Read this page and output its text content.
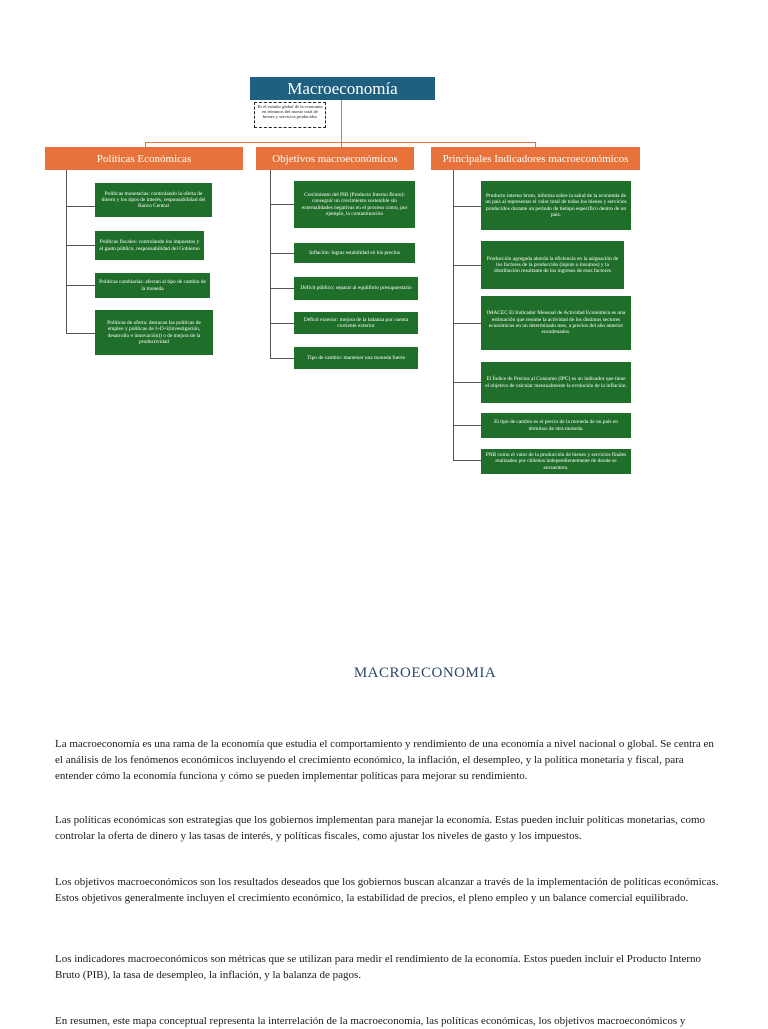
Macroeconomía
Es el estudio global de la economía en términos del monto total de bienes y servicios producidos
Políticas Económicas	Objetivos macroeconómicos	Principales Indicadores macroeconómicos
Políticas monetarias: controlando la oferta de dinero y los tipos de interés, responsabilidad del Banco Central
Políticas fiscales: controlando los impuestos y el gasto público, responsabilidad del Gobierno
Políticas cambiarias: afectan al tipo de cambio de la moneda
Políticas de oferta: destacan las políticas de empleo y políticas de I+D+i(investigación, desarrollo e innovación)) o de mejora de la productividad
Crecimiento del PIB (Producto Interno Bruto): conseguir un crecimiento sostenible sin externalidades negativas en el proceso como, por ejemplo, la contaminación
Inflación: lograr estabilidad en los precios
Déficit público: separar al equilibrio presupuestario
Déficit exterior: mejora de la balanza por cuenta corriente exterior
Tipo de cambio: mantener una moneda fuerte
Producto interno bruto, informa sobre la salud de la economía de un país al representar el valor total de todos los bienes y servicios producidos durante un periodo de tiempo específico dentro de un país.
Producción agregada aborda la eficiencia en la asignación de los factores de la producción (inputs o insumos) y la distribución resultante de los ingresos de esos factores
IMACEC El Indicador Mensual de Actividad Económica es una estimación que resume la actividad de los distintos sectores económicos en un determinado mes, a precios del año anterior encadenados.
El Índice de Precios al Consumo (IPC) es un indicador que tiene el objetivo de calcular mensualmente la evolución de la inflación.
El tipo de cambio es el precio de la moneda de un país en términos de otra moneda.
PNB como el valor de la producción de bienes y servicios finales realizados por chilenos independientemente de donde se encuentren.
MACROECONOMIA
La macroeconomía es una rama de la economía que estudia el comportamiento y rendimiento de una economía a nivel nacional o global. Se centra en el análisis de los fenómenos económicos incluyendo el crecimiento económico, la inflación, el desempleo, y la política monetaria y fiscal, para entender cómo la economía funciona y cómo se pueden implementar políticas para mejorar su rendimiento.
Las políticas económicas son estrategias que los gobiernos implementan para manejar la economía. Estas pueden incluir políticas monetarias, como controlar la oferta de dinero y las tasas de interés, y políticas fiscales, como ajustar los niveles de gasto y los impuestos.
Los objetivos macroeconómicos son los resultados deseados que los gobiernos buscan alcanzar a través de la implementación de políticas económicas. Estos objetivos generalmente incluyen el crecimiento económico, la estabilidad de precios, el pleno empleo y un balance comercial equilibrado.
Los indicadores macroeconómicos son métricas que se utilizan para medir el rendimiento de la economía. Estos pueden incluir el Producto Interno Bruto (PIB), la tasa de desempleo, la inflación, y la balanza de pagos.
En resumen, este mapa conceptual representa la interrelación de la macroeconomía, las políticas económicas, los objetivos macroeconómicos y
